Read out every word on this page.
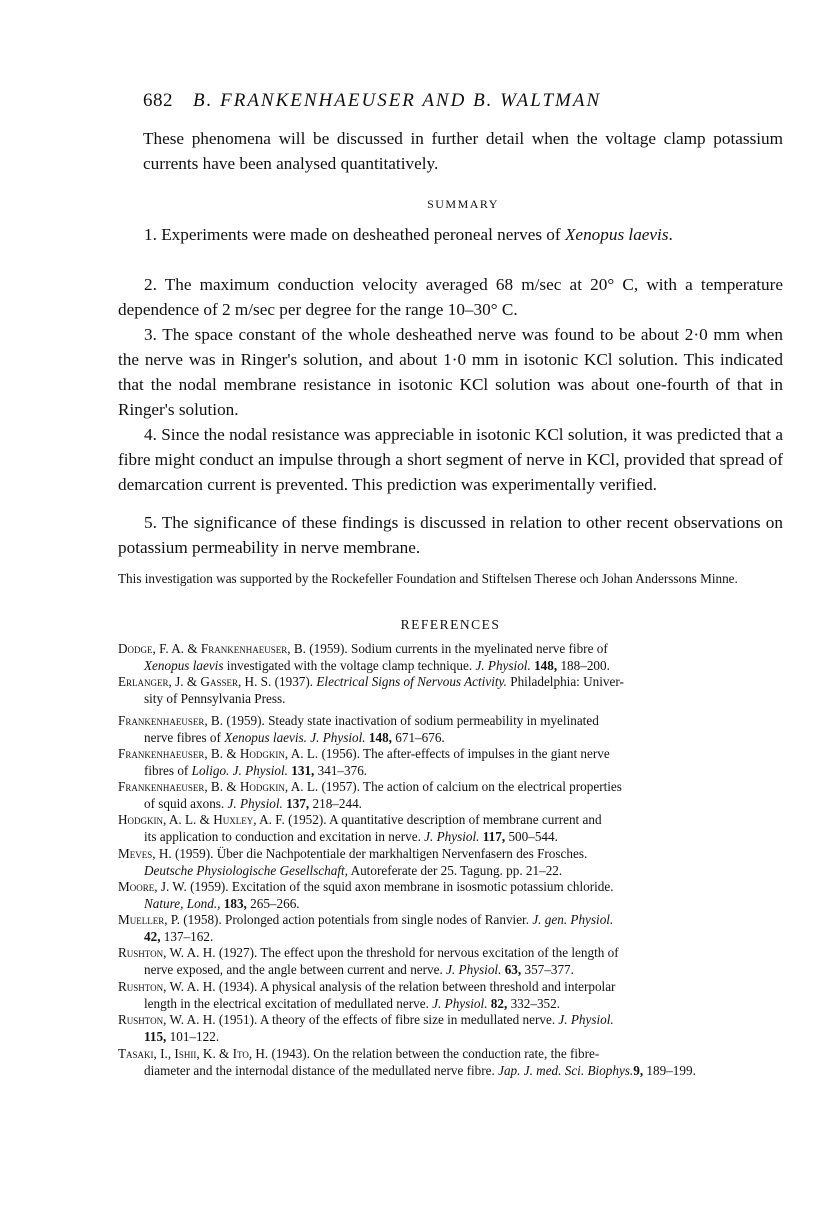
682 B. FRANKENHAEUSER AND B. WALTMAN

These phenomena will be discussed in further detail when the voltage clamp potassium currents have been analysed quantitatively.

SUMMARY

1. Experiments were made on desheathed peroneal nerves of Xenopus laevis.

2. The maximum conduction velocity averaged 68 m/sec at 20° C, with a temperature dependence of 2 m/sec per degree for the range 10–30° C.

3. The space constant of the whole desheathed nerve was found to be about 2·0 mm when the nerve was in Ringer's solution, and about 1·0 mm in isotonic KCl solution. This indicated that the nodal membrane resistance in isotonic KCl solution was about one-fourth of that in Ringer's solution.

4. Since the nodal resistance was appreciable in isotonic KCl solution, it was predicted that a fibre might conduct an impulse through a short segment of nerve in KCl, provided that spread of demarcation current is prevented. This prediction was experimentally verified.

5. The significance of these findings is discussed in relation to other recent observations on potassium permeability in nerve membrane.

This investigation was supported by the Rockefeller Foundation and Stiftelsen Therese och Johan Anderssons Minne.

REFERENCES

Dodge, F. A. & Frankenhaeuser, B. (1959). Sodium currents in the myelinated nerve fibre of
Xenopus laevis investigated with the voltage clamp technique. J. Physiol. 148, 188–200.

Erlanger, J. & Gasser, H. S. (1937). Electrical Signs of Nervous Activity. Philadelphia: Univer-
sity of Pennsylvania Press.

Frankenhaeuser, B. (1959). Steady state inactivation of sodium permeability in myelinated
nerve fibres of Xenopus laevis. J. Physiol. 148, 671–676.

Frankenhaeuser, B. & Hodgkin, A. L. (1956). The after-effects of impulses in the giant nerve
fibres of Loligo. J. Physiol. 131, 341–376.

Frankenhaeuser, B. & Hodgkin, A. L. (1957). The action of calcium on the electrical properties
of squid axons. J. Physiol. 137, 218–244.

Hodgkin, A. L. & Huxley, A. F. (1952). A quantitative description of membrane current and
its application to conduction and excitation in nerve. J. Physiol. 117, 500–544.

Meves, H. (1959). Über die Nachpotentiale der markhaltigen Nervenfasern des Frosches.
Deutsche Physiologische Gesellschaft, Autoreferate der 25. Tagung. pp. 21–22.

Moore, J. W. (1959). Excitation of the squid axon membrane in isosmotic potassium chloride.
Nature, Lond., 183, 265–266.

Mueller, P. (1958). Prolonged action potentials from single nodes of Ranvier. J. gen. Physiol.
42, 137–162.

Rushton, W. A. H. (1927). The effect upon the threshold for nervous excitation of the length of
nerve exposed, and the angle between current and nerve. J. Physiol. 63, 357–377.

Rushton, W. A. H. (1934). A physical analysis of the relation between threshold and interpolar
length in the electrical excitation of medullated nerve. J. Physiol. 82, 332–352.

Rushton, W. A. H. (1951). A theory of the effects of fibre size in medullated nerve. J. Physiol.
115, 101–122.

Tasaki, I., Ishii, K. & Ito, H. (1943). On the relation between the conduction rate, the fibre-
diameter and the internodal distance of the medullated nerve fibre. Jap. J. med. Sci. Biophys.9, 189–199.
